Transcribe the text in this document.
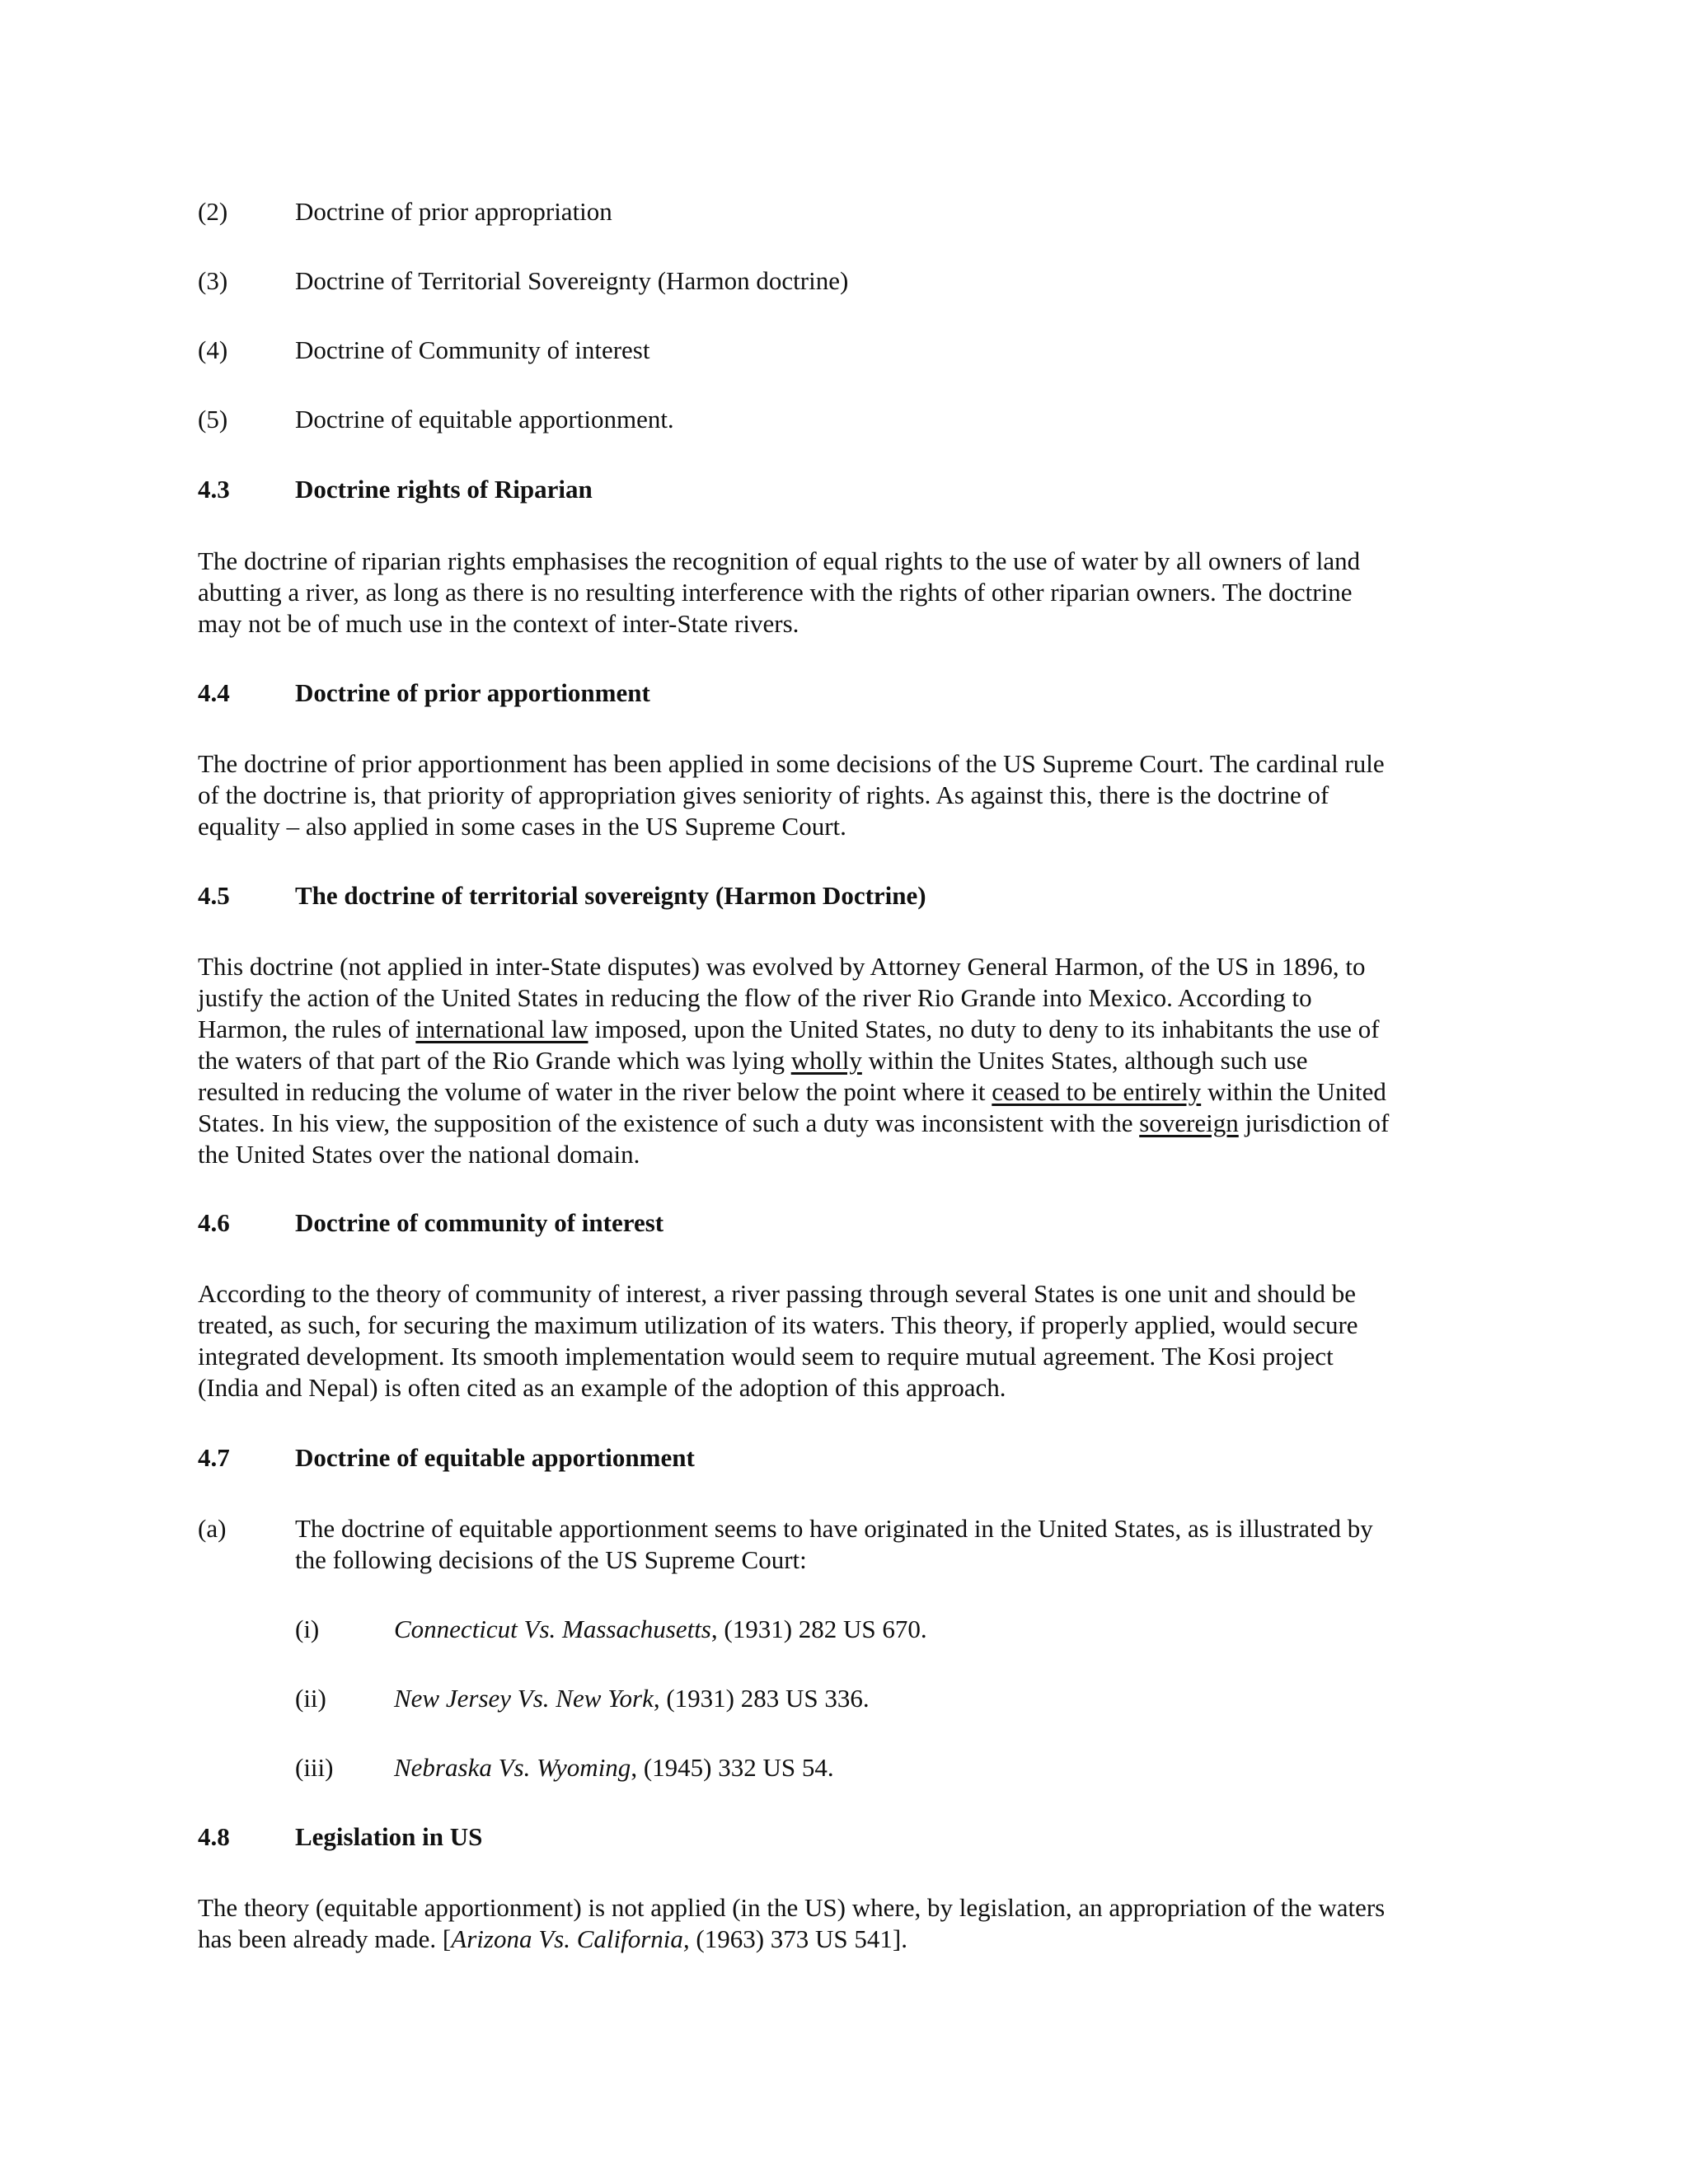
(2)	Doctrine of prior appropriation
(3)	Doctrine of Territorial Sovereignty (Harmon doctrine)
(4)	Doctrine of Community of interest
(5)	Doctrine of equitable apportionment.
4.3	Doctrine rights of Riparian

The doctrine of riparian rights emphasises the recognition of equal rights to the use of water by all owners of land

abutting a river, as long as there is no resulting interference with the rights of other riparian owners. The doctrine

may not be of much use in the context of inter-State rivers.

4.4	Doctrine of prior apportionment

The doctrine of prior apportionment has been applied in some decisions of the US Supreme Court. The cardinal rule

of the doctrine is, that priority of appropriation gives seniority of rights. As against this, there is the doctrine of

equality – also applied in some cases in the US Supreme Court.

4.5	The doctrine of territorial sovereignty (Harmon Doctrine)

This doctrine (not applied in inter-State disputes) was evolved by Attorney General Harmon, of the US in 1896, to

justify the action of the United States in reducing the flow of the river Rio Grande into Mexico. According to

Harmon, the rules of international law imposed, upon the United States, no duty to deny to its inhabitants the use of

the waters of that part of the Rio Grande which was lying wholly within the Unites States, although such use

resulted in reducing the volume of water in the river below the point where it ceased to be entirely within the United

States. In his view, the supposition of the existence of such a duty was inconsistent with the sovereign jurisdiction of

the United States over the national domain.

4.6	Doctrine of community of interest

According to the theory of community of interest, a river passing through several States is one unit and should be

treated, as such, for securing the maximum utilization of its waters. This theory, if properly applied, would secure

integrated development. Its smooth implementation would seem to require mutual agreement. The Kosi project

(India and Nepal) is often cited as an example of the adoption of this approach.

4.7	Doctrine of equitable apportionment
(a)	The doctrine of equitable apportionment seems to have originated in the United States, as is illustrated by

the following decisions of the US Supreme Court:

(i)	Connecticut Vs. Massachusetts, (1931) 282 US 670.
(ii)	New Jersey Vs. New York, (1931) 283 US 336.
(iii) Nebraska Vs. Wyoming, (1945) 332 US 54.
4.8	Legislation in US

The theory (equitable apportionment) is not applied (in the US) where, by legislation, an appropriation of the waters

has been already made. [Arizona Vs. California, (1963) 373 US 541].
